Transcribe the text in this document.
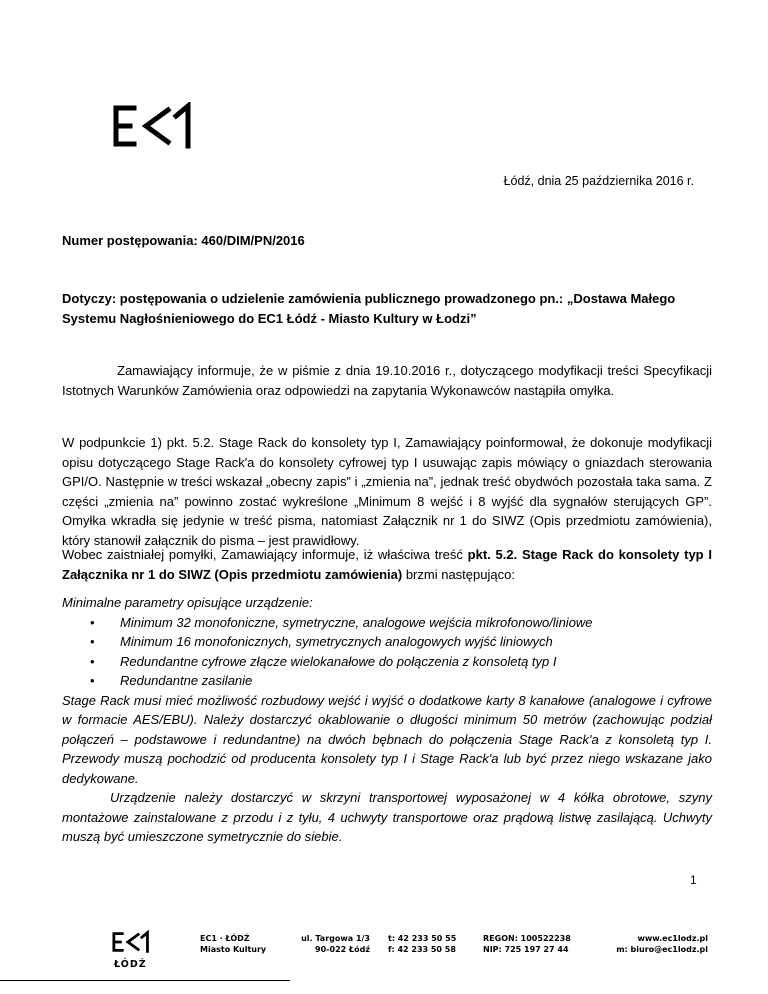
Łódź, dnia 25 października 2016 r.
Numer postępowania: 460/DIM/PN/2016
Dotyczy: postępowania o udzielenie zamówienia publicznego prowadzonego pn.: „Dostawa Małego Systemu Nagłośnieniowego do EC1 Łódź - Miasto Kultury w Łodzi”
Zamawiający informuje, że w piśmie z dnia 19.10.2016 r., dotyczącego modyfikacji treści Specyfikacji Istotnych Warunków Zamówienia oraz odpowiedzi na zapytania Wykonawców nastąpiła omyłka.
W podpunkcie 1) pkt. 5.2. Stage Rack do konsolety typ I, Zamawiający poinformował, że dokonuje modyfikacji opisu dotyczącego Stage Rack'a do konsolety cyfrowej typ I usuwając zapis mówiący o gniazdach sterowania GPI/O. Następnie w treści wskazał „obecny zapis” i „zmienia na”, jednak treść obydwóch pozostała taka sama. Z części „zmienia na” powinno zostać wykreślone „Minimum 8 wejść i 8 wyjść dla sygnałów sterujących GP”. Omyłka wkradła się jedynie w treść pisma, natomiast Załącznik nr 1 do SIWZ (Opis przedmiotu zamówienia), który stanowił załącznik do pisma – jest prawidłowy.
Wobec zaistniałej pomyłki, Zamawiający informuje, iż właściwa treść pkt. 5.2. Stage Rack do konsolety typ I Załącznika nr 1 do SIWZ (Opis przedmiotu zamówienia) brzmi następująco:
Minimalne parametry opisujące urządzenie:
• Minimum 32 monofoniczne, symetryczne, analogowe wejścia mikrofonowo/liniowe
• Minimum 16 monofonicznych, symetrycznych analogowych wyjść liniowych
• Redundantne cyfrowe złącze wielokanałowe do połączenia z konsoletą typ I
• Redundantne zasilanie

Stage Rack musi mieć możliwość rozbudowy wejść i wyjść o dodatkowe karty 8 kanałowe (analogowe i cyfrowe w formacie AES/EBU). Należy dostarczyć okablowanie o długości minimum 50 metrów (zachowując podział połączeń – podstawowe i redundantne) na dwóch bębnach do połączenia Stage Rack'a z konsoletą typ I. Przewody muszą pochodzić od producenta konsolety typ I i Stage Rack'a lub być przez niego wskazane jako dedykowane.

Urządzenie należy dostarczyć w skrzyni transportowej wyposażonej w 4 kółka obrotowe, szyny montażowe zainstalowane z przodu i z tyłu, 4 uchwyty transportowe oraz prądową listwę zasilającą. Uchwyty muszą być umieszczone symetrycznie do siebie.

1
ŁÓDŹ
EC1 · ŁÓDŹ
Miasto Kultury
ul. Targowa 1/3
90-022 Łódź
t: 42 233 50 55
f: 42 233 50 58
REGON: 100522238
NIP: 725 197 27 44
www.ec1lodz.pl
m: biuro@ec1lodz.pl
